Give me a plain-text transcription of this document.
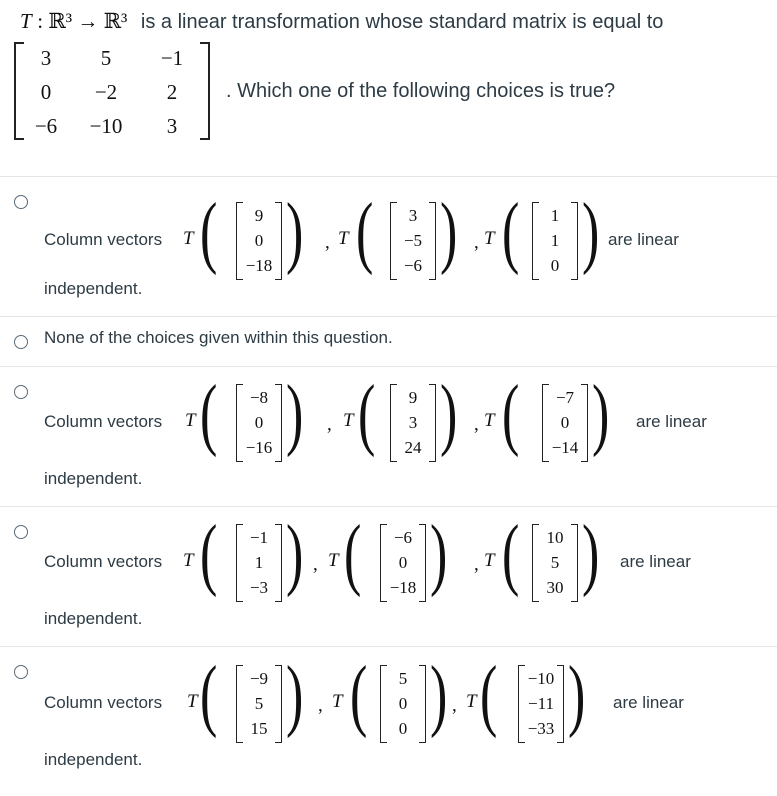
T : ℝ³ → ℝ³ is a linear transformation whose standard matrix is equal to
3	5	−1
0	−2	2
−6	−10	3
. Which one of the following choices is true?
Column vectors T (	9
0
−18 ) , T (	3
−5
−6 ) , T (	1
1
0 ) are linear
independent.
None of the choices given within this question.
Column vectors T (	−8
0
−16 ) , T (	9
3
24 ) , T (	−7
0
−14 ) are linear
independent.
Column vectors T (	−1
1
−3 ) , T (	−6
0
−18 ) , T (	10
5
30 ) are linear
independent.
Column vectors T (	−9
5
15 ) , T (	5
0
0 ) , T (	−10
−11
−33 ) are linear
independent.
